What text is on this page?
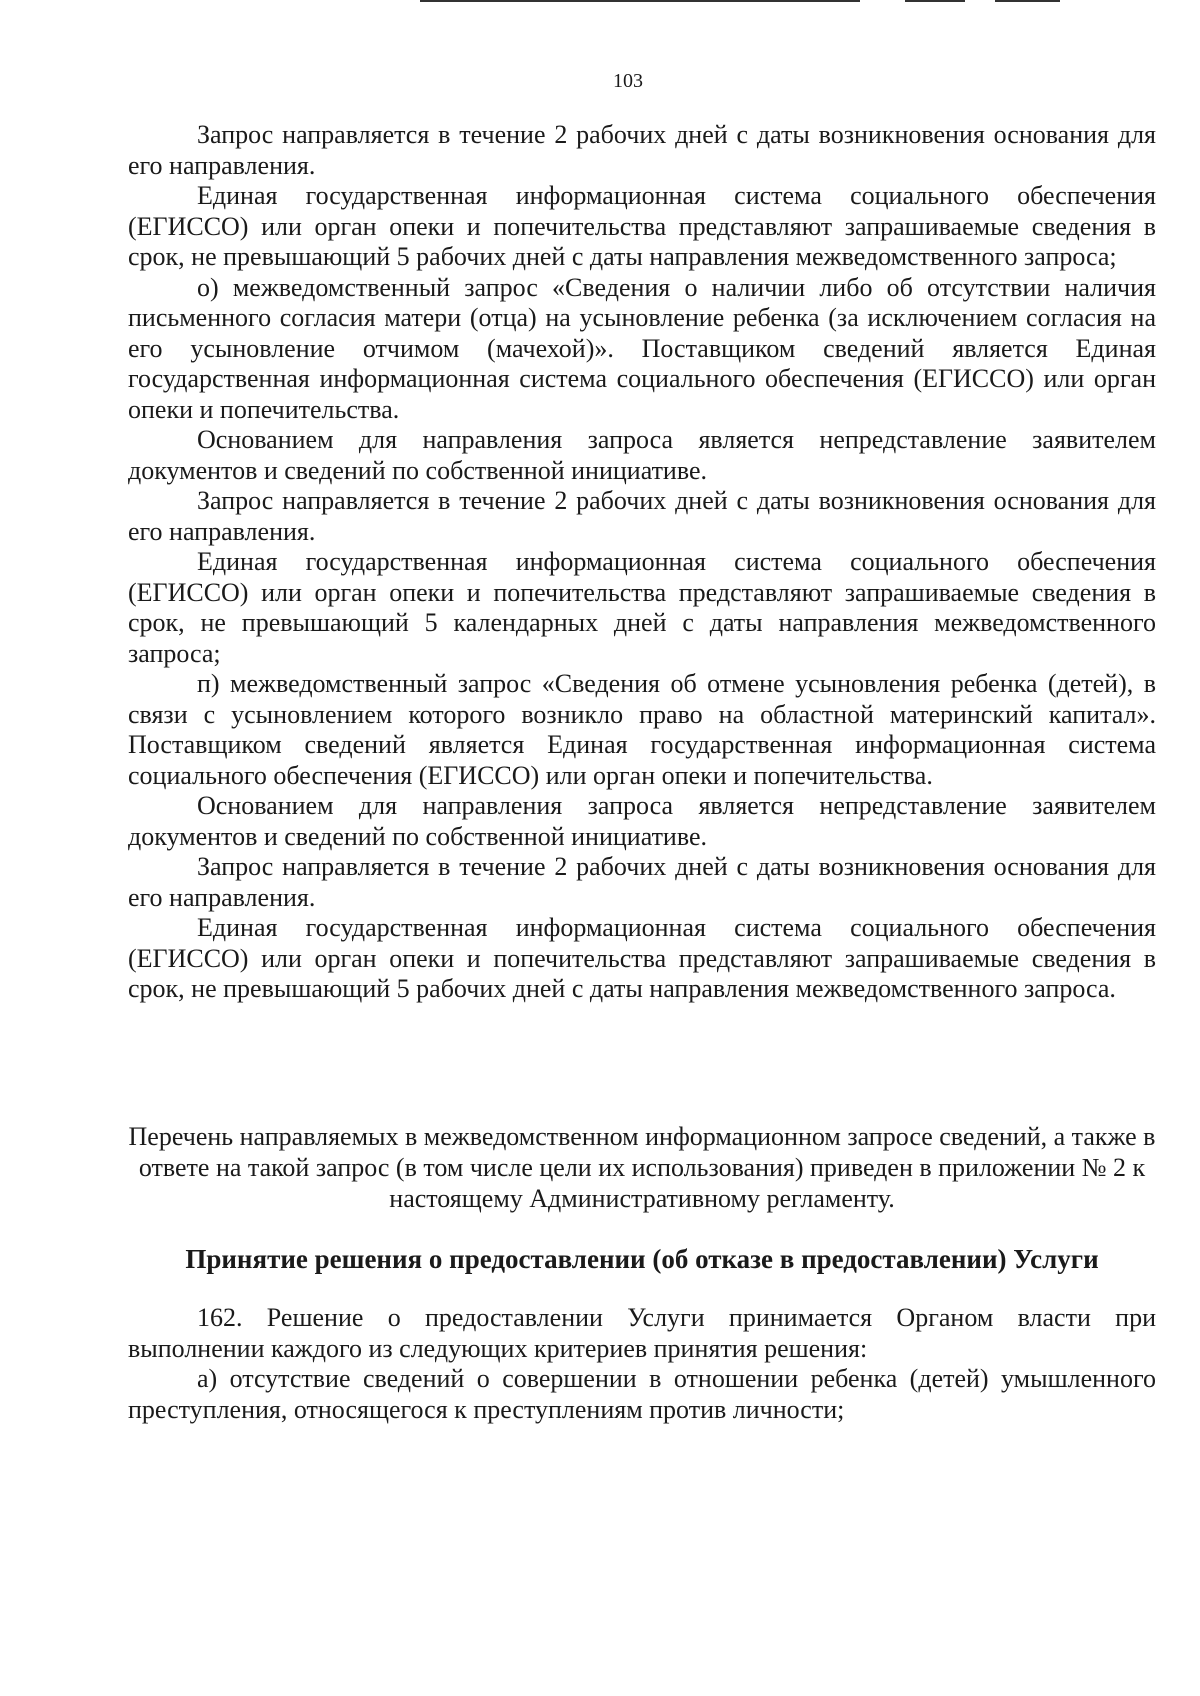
103

Запрос направляется в течение 2 рабочих дней с даты возникновения основания для его направления.

Единая государственная информационная система социального обеспечения (ЕГИССО) или орган опеки и попечительства представляют запрашиваемые сведения в срок, не превышающий 5 рабочих дней с даты направления межведомственного запроса;

о) межведомственный запрос «Сведения о наличии либо об отсутствии наличия письменного согласия матери (отца) на усыновление ребенка (за исключением согласия на его усыновление отчимом (мачехой)». Поставщиком сведений является Единая государственная информационная система социального обеспечения (ЕГИССО) или орган опеки и попечительства.

Основанием для направления запроса является непредставление заявителем документов и сведений по собственной инициативе.

Запрос направляется в течение 2 рабочих дней с даты возникновения основания для его направления.

Единая государственная информационная система социального обеспечения (ЕГИССО) или орган опеки и попечительства представляют запрашиваемые сведения в срок, не превышающий 5 календарных дней с даты направления межведомственного запроса;

п) межведомственный запрос «Сведения об отмене усыновления ребенка (детей), в связи с усыновлением которого возникло право на областной материнский капитал». Поставщиком сведений является Единая государственная информационная система социального обеспечения (ЕГИССО) или орган опеки и попечительства.

Основанием для направления запроса является непредставление заявителем документов и сведений по собственной инициативе.

Запрос направляется в течение 2 рабочих дней с даты возникновения основания для его направления.

Единая государственная информационная система социального обеспечения (ЕГИССО) или орган опеки и попечительства представляют запрашиваемые сведения в срок, не превышающий 5 рабочих дней с даты направления межведомственного запроса.

Перечень направляемых в межведомственном информационном запросе сведений, а также в ответе на такой запрос (в том числе цели их использования) приведен в приложении № 2 к настоящему Административному регламенту.

Принятие решения о предоставлении (об отказе в предоставлении) Услуги

162. Решение о предоставлении Услуги принимается Органом власти при выполнении каждого из следующих критериев принятия решения:

а) отсутствие сведений о совершении в отношении ребенка (детей) умышленного преступления, относящегося к преступлениям против личности;
